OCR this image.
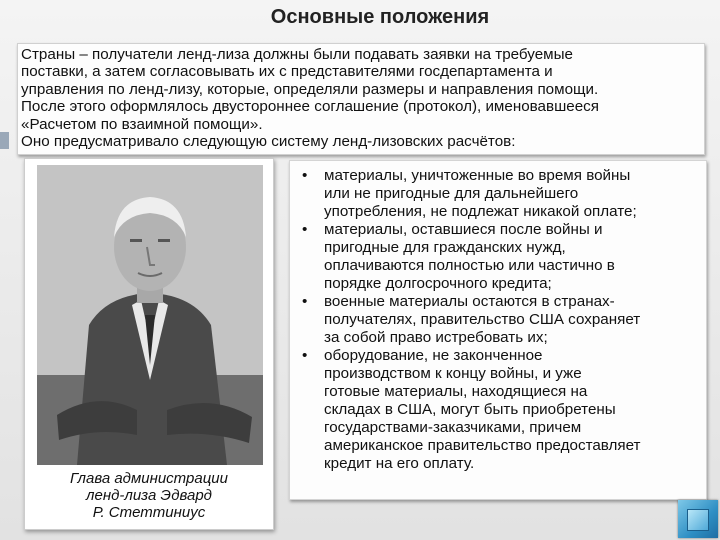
Основные положения
Страны – получатели ленд-лиза должны были подавать заявки на требуемые
поставки, а затем согласовывать их с представителями госдепартамента и
управления по ленд-лизу, которые, определяли размеры и направления помощи.
После этого оформлялось двустороннее соглашение (протокол), именовавшееся
«Расчетом по взаимной помощи».
Оно предусматривало следующую систему ленд-лизовских расчётов:
Глава администрации
ленд-лиза Эдвард
Р. Стеттиниус
• материалы, уничтоженные во время войны
или не пригодные для дальнейшего
употребления, не подлежат никакой оплате;
• материалы, оставшиеся после войны и
пригодные для гражданских нужд,
оплачиваются полностью или частично в
порядке долгосрочного кредита;
• военные материалы остаются в странах-
получателях, правительство США сохраняет
за собой право истребовать их;
• оборудование, не законченное
производством к концу войны, и уже
готовые материалы, находящиеся на
складах в США, могут быть приобретены
государствами-заказчиками, причем
американское правительство предоставляет
кредит на его оплату.
